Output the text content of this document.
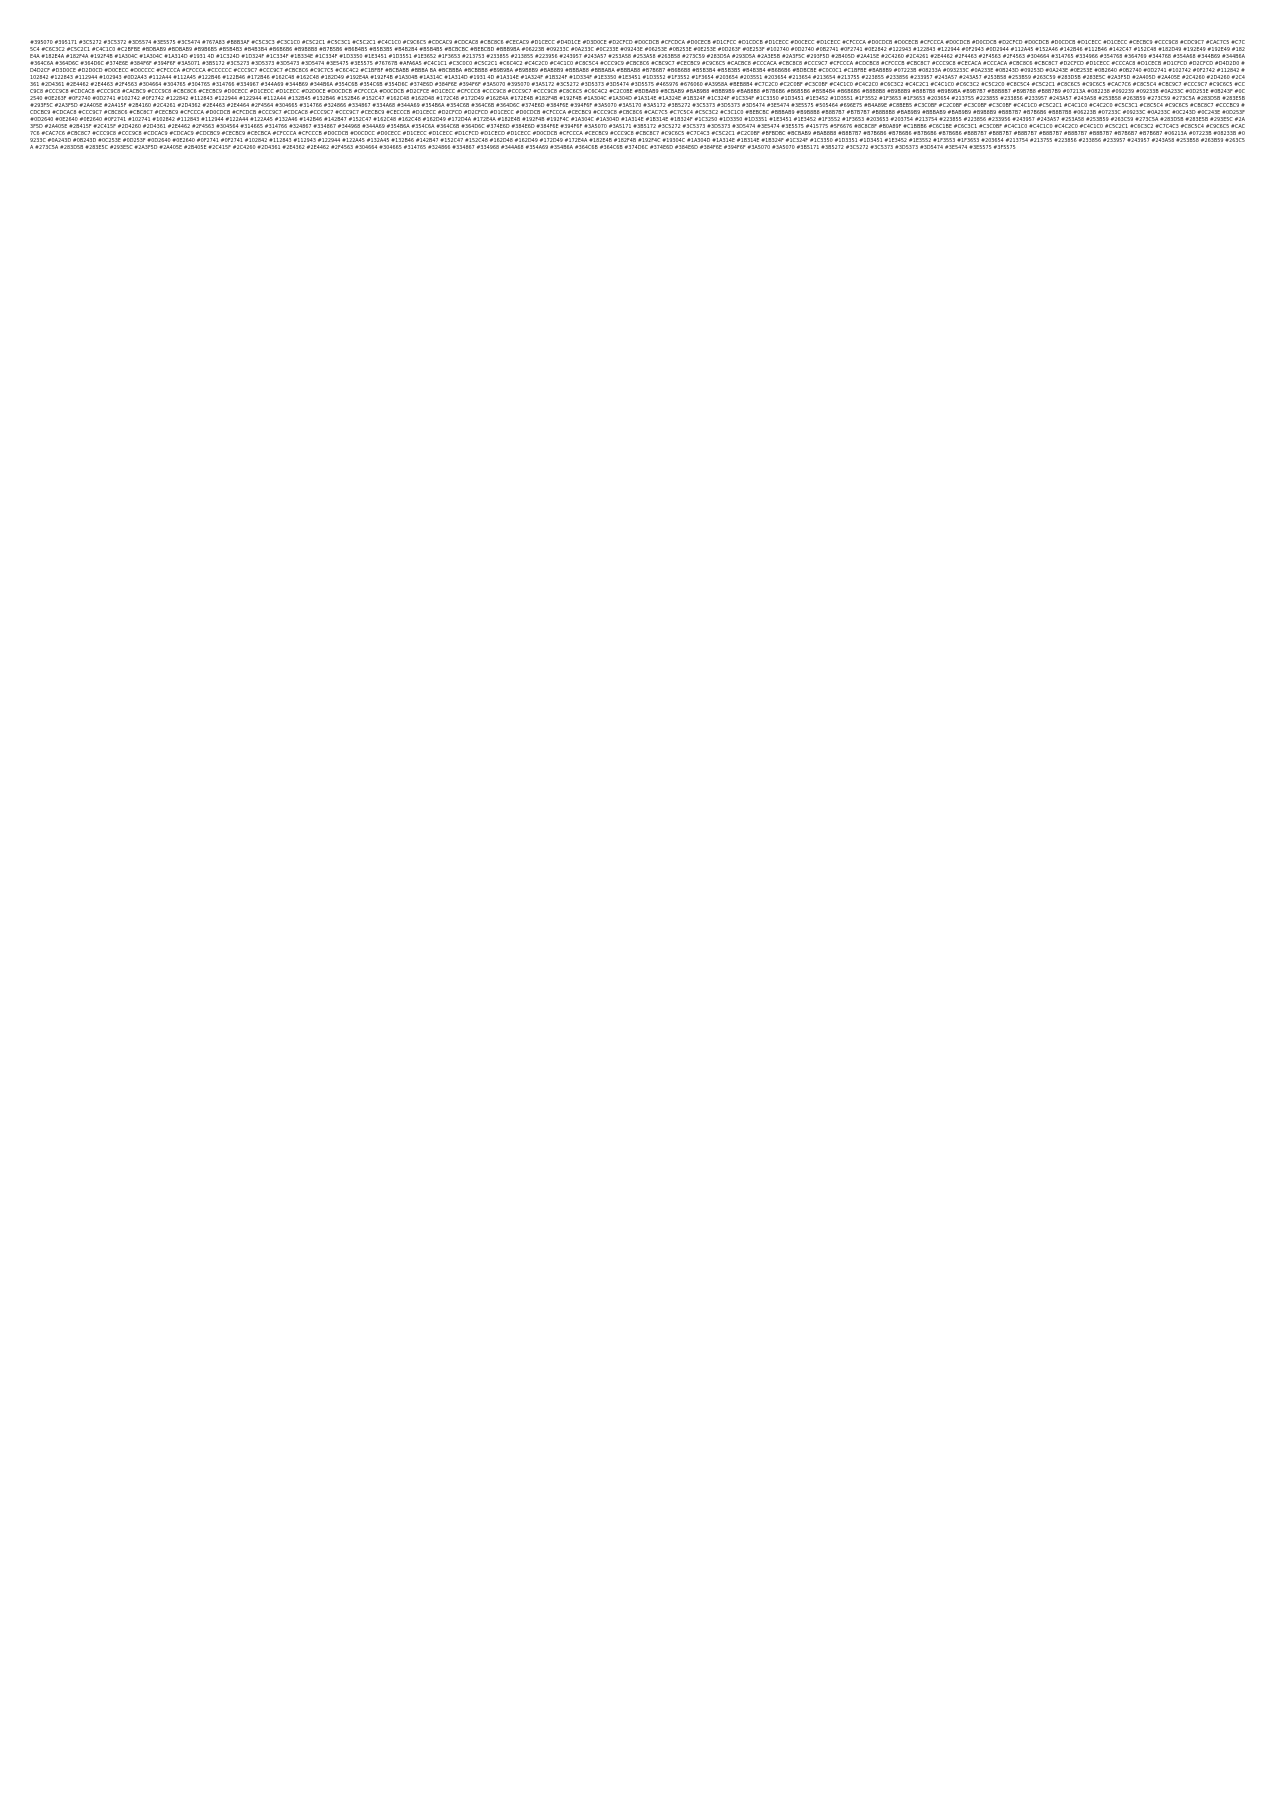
#395070 #395171 #3C5272 #3C5372 #3D5574 #3E5575 #3C5474 #767A83 #B8B3AF #C5C3C3 #C3C1C0 #C5C2C1 #C5C3C1 #C5C2C1 #C4C1C0 #C9C6C5 #CDCAC9 #CDCAC8 #CBC8C6 #CECAC9 #D1CECC #D4D1CE #D3D0CE #D2CFCD #D0CDCB #CFCDCA #D0CECB #D1CFCC #D1CDCB #D1CECC #D0CECC #D1CECC #CFCCCA #D0CDCB #D0CECB #CFCCCA #D0CDCB #D0CDCB #D2CFCD #D0CDCB #D0CDCB #D1CECC #D1CECC #CECBC9 #CCC9C8 #CDC9C7 #CAC7C5 #C7C5C4 #C6C3C2 #C5C2C1 #C4C1C0 #C2BFBE #BDBAB9 #BDBAB9 #B9B6B5 #B5B4B3 #B4B3B4 #B6B6B6 #B9B8B8 #B7B5B6 #B6B4B5 #B5B3B5 #B4B2B4 #B5B4B5 #BCBCBC #BEBCBD #BBB9BA #06223B #09233C #0A233C #0C233E #09243E #06253E #0B253E #0E253E #0D263F #0E253F #102740 #0D2740 #0B2741 #0F2741 #0E2842 #122943 #122843 #122944 #0F2943 #0D2944 #112A45 #152A46 #142B46 #112B46 #142C47 #152C48 #182D49 #192E49 #192E49 #182E4A #182E4A #182F4A #192F4B #1A304C #1A304C #1A314D #1931 4D #1C324D #1D324F #1C334F #1B334E #1C334F #1D3350 #1E3451 #1D3551 #1E3652 #1F3653 #213753 #233855 #213855 #223956 #243957 #243A57 #253A58 #253A58 #263B58 #273C59 #283D5A #293D5A #2A3E5B #2A3F5C #293F5D #2B405D #2A415E #2C4260 #2C4261 #2E4462 #2F4463 #2F4563 #2F4563 #304664 #314765 #334966 #354768 #364769 #344768 #354A68 #344B69 #344B6A #364C6A #364D6C #364D6C #374E6E #384F6F #394F6F #3A5071 #3B5172 #3C5273 #3D5373 #3D5473 #3D5474 #3E5475 #3E5575 #76767B #AFA6A5 #C4C1C1 #C3C0C0 #C5C2C1 #C6C4C2 #C4C2C0 #C4C1C0 #C8C5C4 #CCC9C9 #CBC8C6 #CBC9C7 #CECBC9 #C9C6C5 #CACBC8 #CCCACA #CBC8C8 #CCC9C7 #CFCCCA #CDCBC8 #CFCCCB #CBC8C7 #CCC9C8 #CECACA #CCCACA #CBC8C6 #CBC8C7 #D2CFCD #D1CECC #CCCAC8 #D1CECB #D1CFCD #D2CFCD #D4D2D0 #D4D2CF #D3D0CE #D2D0CD #D0CECC #D0CCCC #CFCCCA #CFCCCA #CCCCCC #CCC9C7 #CCC9C7 #CBC8C6 #C9C7C5 #C6C4C2 #C1BFBF #BCBABB #BBBA BA #BCBBBA #BCBBB8 #B9B9BA #B9B8B9 #BAB8B9 #BBBAB8 #BBBABA #BBBAB8 #B7B6B7 #B6B6B8 #B5B3B4 #B5B3B5 #B4B3B4 #B6B6B6 #BDBCBE #C0C0C1 #C1BFBE #BAB8B9 #07223B #08233A #093233C #0A233E #0B243D #09253D #0A243E #0E253E #0B2640 #0B2740 #0D2741 #102742 #0F2742 #112842 #102842 #122843 #112944 #102943 #0D2A43 #112A44 #112A45 #122B46 #122B46 #172B46 #162C48 #162C48 #182D49 #192E4A #192F4B #1A304B #1A314C #1A314D #1931 4D #1A314E #1A324F #1B324F #1D334F #1E3350 #1E3451 #1D3552 #1F3552 #1F3654 #203654 #203551 #203654 #213654 #213654 #213755 #223855 #233856 #233957 #243A57 #243A57 #253B58 #253B59 #263C59 #283D5B #283E5C #2A3F5D #2A405D #2A405E #2C4260 #2D4260 #2C4361 #2D4361 #2E4462 #2E4463 #2F4563 #304664 #304765 #304765 #314766 #334967 #344A69 #344B69 #344B6A #354C6B #354C6B #354D6C #374E6D #384F6E #394F6F #3A5070 #395070 #3A5172 #3C5272 #3D5373 #3D5474 #3D5575 #465976 #676060 #A3958A #BEB8B4 #C7C2C0 #C2C0BF #C3C0BF #C4C1C0 #C4C2C0 #C6C3C2 #C4C2C1 #C4C1C0 #C6C3C2 #C5C2C0 #C8C5C4 #C5C2C1 #C8C6C5 #C9C6C5 #CAC7C6 #C8C5C4 #CBC9C7 #CCC9C7 #C9C6C5 #CCC9C8 #CCC9C8 #CDCAC8 #CCC9C8 #CACBC9 #CCC9C8 #CBC8C6 #CECBC9 #D0CECC #D1CECC #D1CECC #D2D0CE #D0CDCB #CFCCCA #D0CDCB #D2CFCE #D1CECC #CFCCC8 #CCC9C8 #CCC9C7 #CCC9C8 #C8C6C5 #C6C4C2 #C2C0BE #BDBAB9 #BCBAB9 #BAB9B8 #BBB9B9 #BAB8B8 #B7B6B6 #B6B5B6 #B5B4B4 #B6B6B6 #B8B8B8 #B9B8B9 #B8B7B8 #B9B9BA #B9B7B7 #B8B8B7 #B9B7B8 #B8B7B9 #07213A #082238 #092239 #09233B #0A233C #0D253E #0B243F #0C2540 #0E263F #0F2740 #0D2741 #102742 #0F2742 #122842 #112843 #122944 #122944 #112A44 #132B45 #132B46 #152B46 #152C47 #162C48 #162D48 #172C48 #172D49 #162E4A #172E4B #182F4B #192F4B #1A304C #1A304D #1A314E #1A324E #1B324F #1C324F #1C334F #1C3350 #1D3451 #1E3452 #1D3551 #1F3552 #1F3653 #1F3653 #203654 #213755 #223855 #233856 #233957 #243A57 #243A58 #253B58 #263B59 #273C59 #273C5A #283D5B #283E5B #293F5C #2A3F5D #2A405E #2A415F #2B4160 #2C4261 #2D4362 #2E4463 #2E4464 #2F4564 #304665 #314766 #324866 #334867 #334A68 #344A69 #354B6A #354C6B #364C6B #364D6C #374E6D #384F6E #394F6F #3A5070 #3A5170 #3A5172 #3B5272 #3C5373 #3D5373 #3D5474 #3E5474 #3E5575 #505464 #696E75 #B4A89E #C8BEB5 #C3C0BF #C2C0BF #C3C0BF #C3C0BF #C4C1C0 #C5C2C1 #C4C1C0 #C4C2C0 #C5C3C1 #C8C5C4 #C9C6C5 #CBC8C7 #CCCBC9 #CDCBC9 #CDCAC8 #CCC9C7 #CBC8C6 #CBC8C7 #CECBC9 #CFCCCA #D0CDCB #CFCDCB #CCC9C7 #CDCAC8 #CCC9C7 #CCC9C7 #CECBC9 #CECCCB #D1CECC #D2CFCD #D2CFCD #D1CECC #D0CDCB #CFCCCA #CECBC9 #CCC9C8 #CBC8C6 #CAC7C5 #C7C5C4 #C5C3C2 #C3C1C0 #BEBCBC #BBBAB9 #B9B8B8 #B8B7B7 #B7B7B7 #B8B8B8 #BAB9B9 #BBBAB9 #BAB9B9 #B9B8B9 #B8B7B7 #B7B6B6 #B8B7B8 #06223B #07233C #09233C #0A233C #0C243D #0C243E #0D253F #0D2640 #0E2640 #0E2640 #0F2741 #102741 #102842 #112843 #112944 #122A44 #122A45 #132A46 #142B46 #142B47 #152C47 #162C48 #162C48 #162D49 #172D4A #172E4A #182E4B #192F4B #192F4C #1A304C #1A304D #1A314E #1B314E #1B324F #1C3250 #1D3350 #1D3351 #1E3451 #1E3452 #1F3552 #1F3653 #203653 #203754 #213754 #223855 #223856 #233956 #243957 #243A57 #253A58 #253B59 #263C59 #273C5A #283D5B #283E5B #293E5C #2A3F5D #2A405E #2B415F #2C415F #2D4260 #2D4361 #2E4462 #2F4563 #304564 #314665 #314766 #324867 #334867 #344968 #344A69 #354B6A #354C6A #364C6B #364D6C #374E6D #384E6D #384F6E #394F6F #3A5070 #3A5171 #3B5172 #3C5272 #3C5373 #3D5373 #3D5474 #3E5474 #3E5575 #415775 #5F6676 #8C8C8F #B0A89F #C1BBB6 #C6C1BE #C6C3C1 #C3C0BF #C4C1C0 #C4C1C0 #C4C2C0 #C4C1C0 #C5C2C1 #C6C3C2 #C7C4C3 #C8C5C4 #C9C6C5 #CAC7C6 #CAC7C6 #CBC8C7 #CCC9C8 #CCC9C8 #CDCAC9 #CDCAC9 #CDCBC9 #CECBC9 #CECBCA #CFCCCA #CFCCCB #D0CDCB #D0CDCC #D0CECC #D1CECC #D1CECC #D1CFCD #D1CECD #D1CECC #D0CDCB #CFCCCA #CECBC9 #CCC9C8 #CBC8C7 #C9C6C5 #C7C4C3 #C5C2C1 #C2C0BF #BFBDBC #BCBAB9 #BAB8B8 #B8B7B7 #B7B6B6 #B7B6B6 #B7B6B6 #B7B6B6 #B8B7B7 #B8B7B7 #B8B7B7 #B8B7B7 #B8B7B7 #B8B7B7 #B7B6B7 #B7B6B7 #06213A #07223B #08233B #09233C #0A243D #0B243D #0C253E #0D253F #0D2640 #0E2640 #0F2741 #0F2741 #102842 #112843 #112943 #122944 #122A45 #132A45 #132B46 #142B47 #152C47 #152C48 #162D48 #162D49 #172D49 #172E4A #182E4B #182F4B #192F4C #19304C #1A304D #1A314E #1B314E #1B324F #1C324F #1C3350 #1D3351 #1D3451 #1E3452 #1E3552 #1F3553 #1F3653 #203654 #213754 #213755 #223856 #233856 #233957 #243957 #243A58 #253B58 #263B59 #263C5A #273C5A #283D5B #283E5C #293E5C #2A3F5D #2A405E #2B405E #2C415F #2C4260 #2D4361 #2E4362 #2E4462 #2F4563 #304664 #304665 #314765 #324866 #334867 #334968 #344A68 #354A69 #354B6A #364C6B #364C6B #374D6C #374E6D #384E6D #384F6E #394F6F #3A5070 #3A5070 #3B5171 #3B5272 #3C5272 #3C5373 #3D5373 #3D5474 #3E5474 #3E5575 #3F5575
